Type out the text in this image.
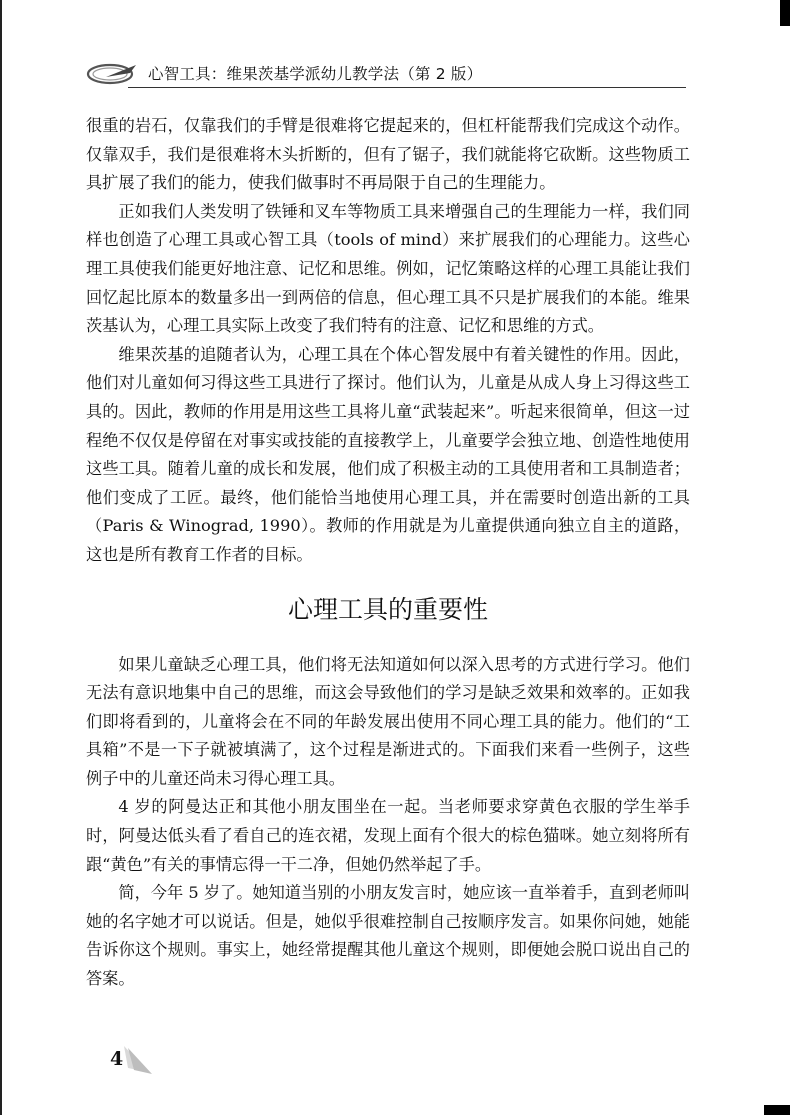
心智工具：维果茨基学派幼儿教学法（第 2 版）

很重的岩石，仅靠我们的手臂是很难将它提起来的，但杠杆能帮我们完成这个动作。仅靠双手，我们是很难将木头折断的，但有了锯子，我们就能将它砍断。这些物质工具扩展了我们的能力，使我们做事时不再局限于自己的生理能力。

正如我们人类发明了铁锤和叉车等物质工具来增强自己的生理能力一样，我们同样也创造了心理工具或心智工具（tools of mind）来扩展我们的心理能力。这些心理工具使我们能更好地注意、记忆和思维。例如，记忆策略这样的心理工具能让我们回忆起比原本的数量多出一到两倍的信息，但心理工具不只是扩展我们的本能。维果茨基认为，心理工具实际上改变了我们特有的注意、记忆和思维的方式。

维果茨基的追随者认为，心理工具在个体心智发展中有着关键性的作用。因此，他们对儿童如何习得这些工具进行了探讨。他们认为，儿童是从成人身上习得这些工具的。因此，教师的作用是用这些工具将儿童“武装起来”。听起来很简单，但这一过程绝不仅仅是停留在对事实或技能的直接教学上，儿童要学会独立地、创造性地使用这些工具。随着儿童的成长和发展，他们成了积极主动的工具使用者和工具制造者；他们变成了工匠。最终，他们能恰当地使用心理工具，并在需要时创造出新的工具（Paris & Winograd, 1990）。教师的作用就是为儿童提供通向独立自主的道路，这也是所有教育工作者的目标。

心理工具的重要性

如果儿童缺乏心理工具，他们将无法知道如何以深入思考的方式进行学习。他们无法有意识地集中自己的思维，而这会导致他们的学习是缺乏效果和效率的。正如我们即将看到的，儿童将会在不同的年龄发展出使用不同心理工具的能力。他们的“工具箱”不是一下子就被填满了，这个过程是渐进式的。下面我们来看一些例子，这些例子中的儿童还尚未习得心理工具。

4 岁的阿曼达正和其他小朋友围坐在一起。当老师要求穿黄色衣服的学生举手时，阿曼达低头看了看自己的连衣裙，发现上面有个很大的棕色猫咪。她立刻将所有跟“黄色”有关的事情忘得一干二净，但她仍然举起了手。

简，今年 5 岁了。她知道当别的小朋友发言时，她应该一直举着手，直到老师叫她的名字她才可以说话。但是，她似乎很难控制自己按顺序发言。如果你问她，她能告诉你这个规则。事实上，她经常提醒其他儿童这个规则，即便她会脱口说出自己的答案。

4
